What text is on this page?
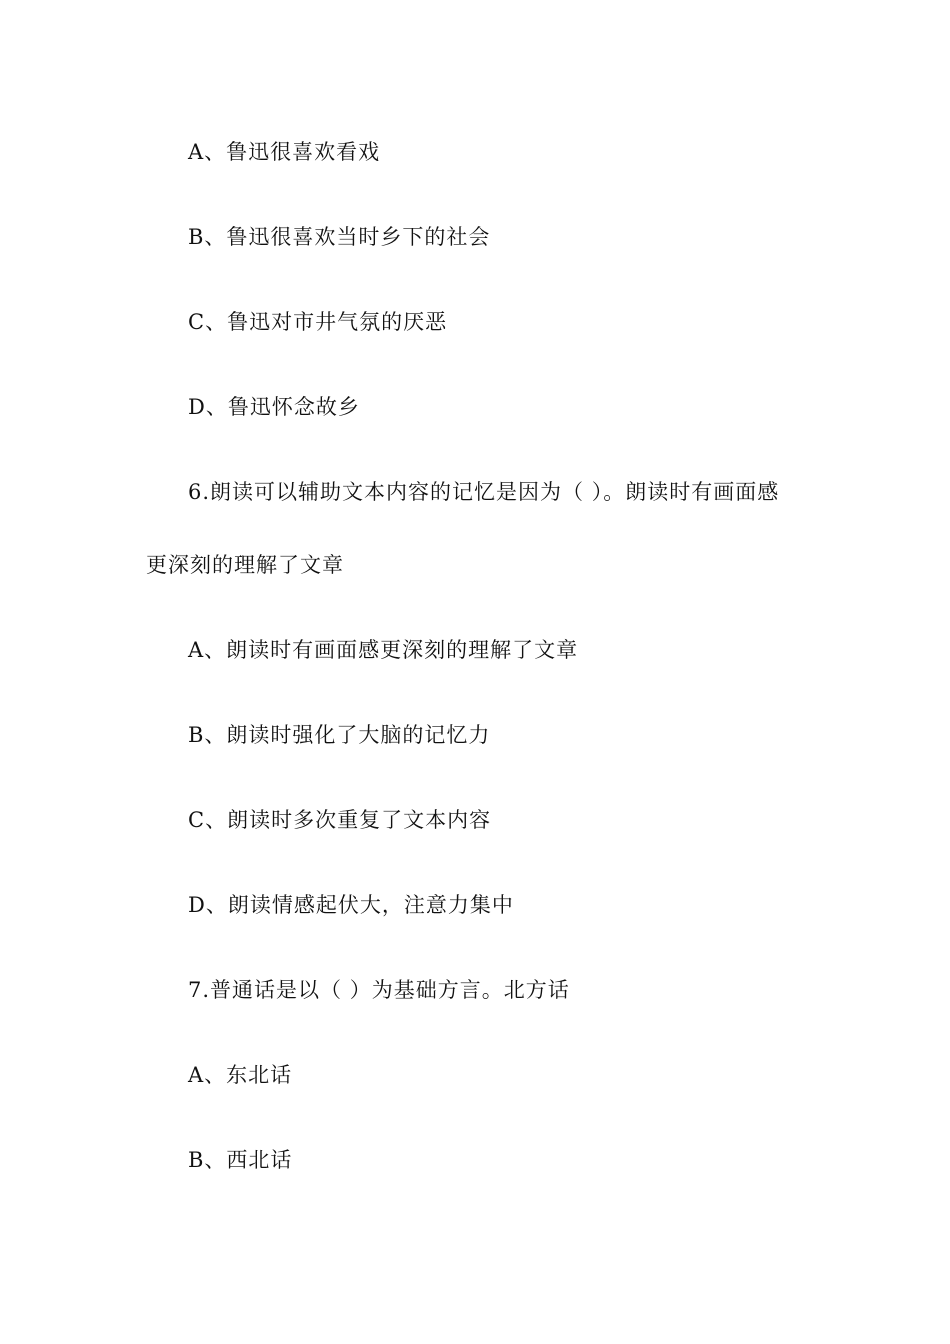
A、鲁迅很喜欢看戏
B、鲁迅很喜欢当时乡下的社会
C、鲁迅对市井气氛的厌恶
D、鲁迅怀念故乡
6.朗读可以辅助文本内容的记忆是因为（ ）。朗读时有画面感
更深刻的理解了文章
A、朗读时有画面感更深刻的理解了文章
B、朗读时强化了大脑的记忆力
C、朗读时多次重复了文本内容
D、朗读情感起伏大，注意力集中
7.普通话是以（ ）为基础方言。北方话
A、东北话
B、西北话
